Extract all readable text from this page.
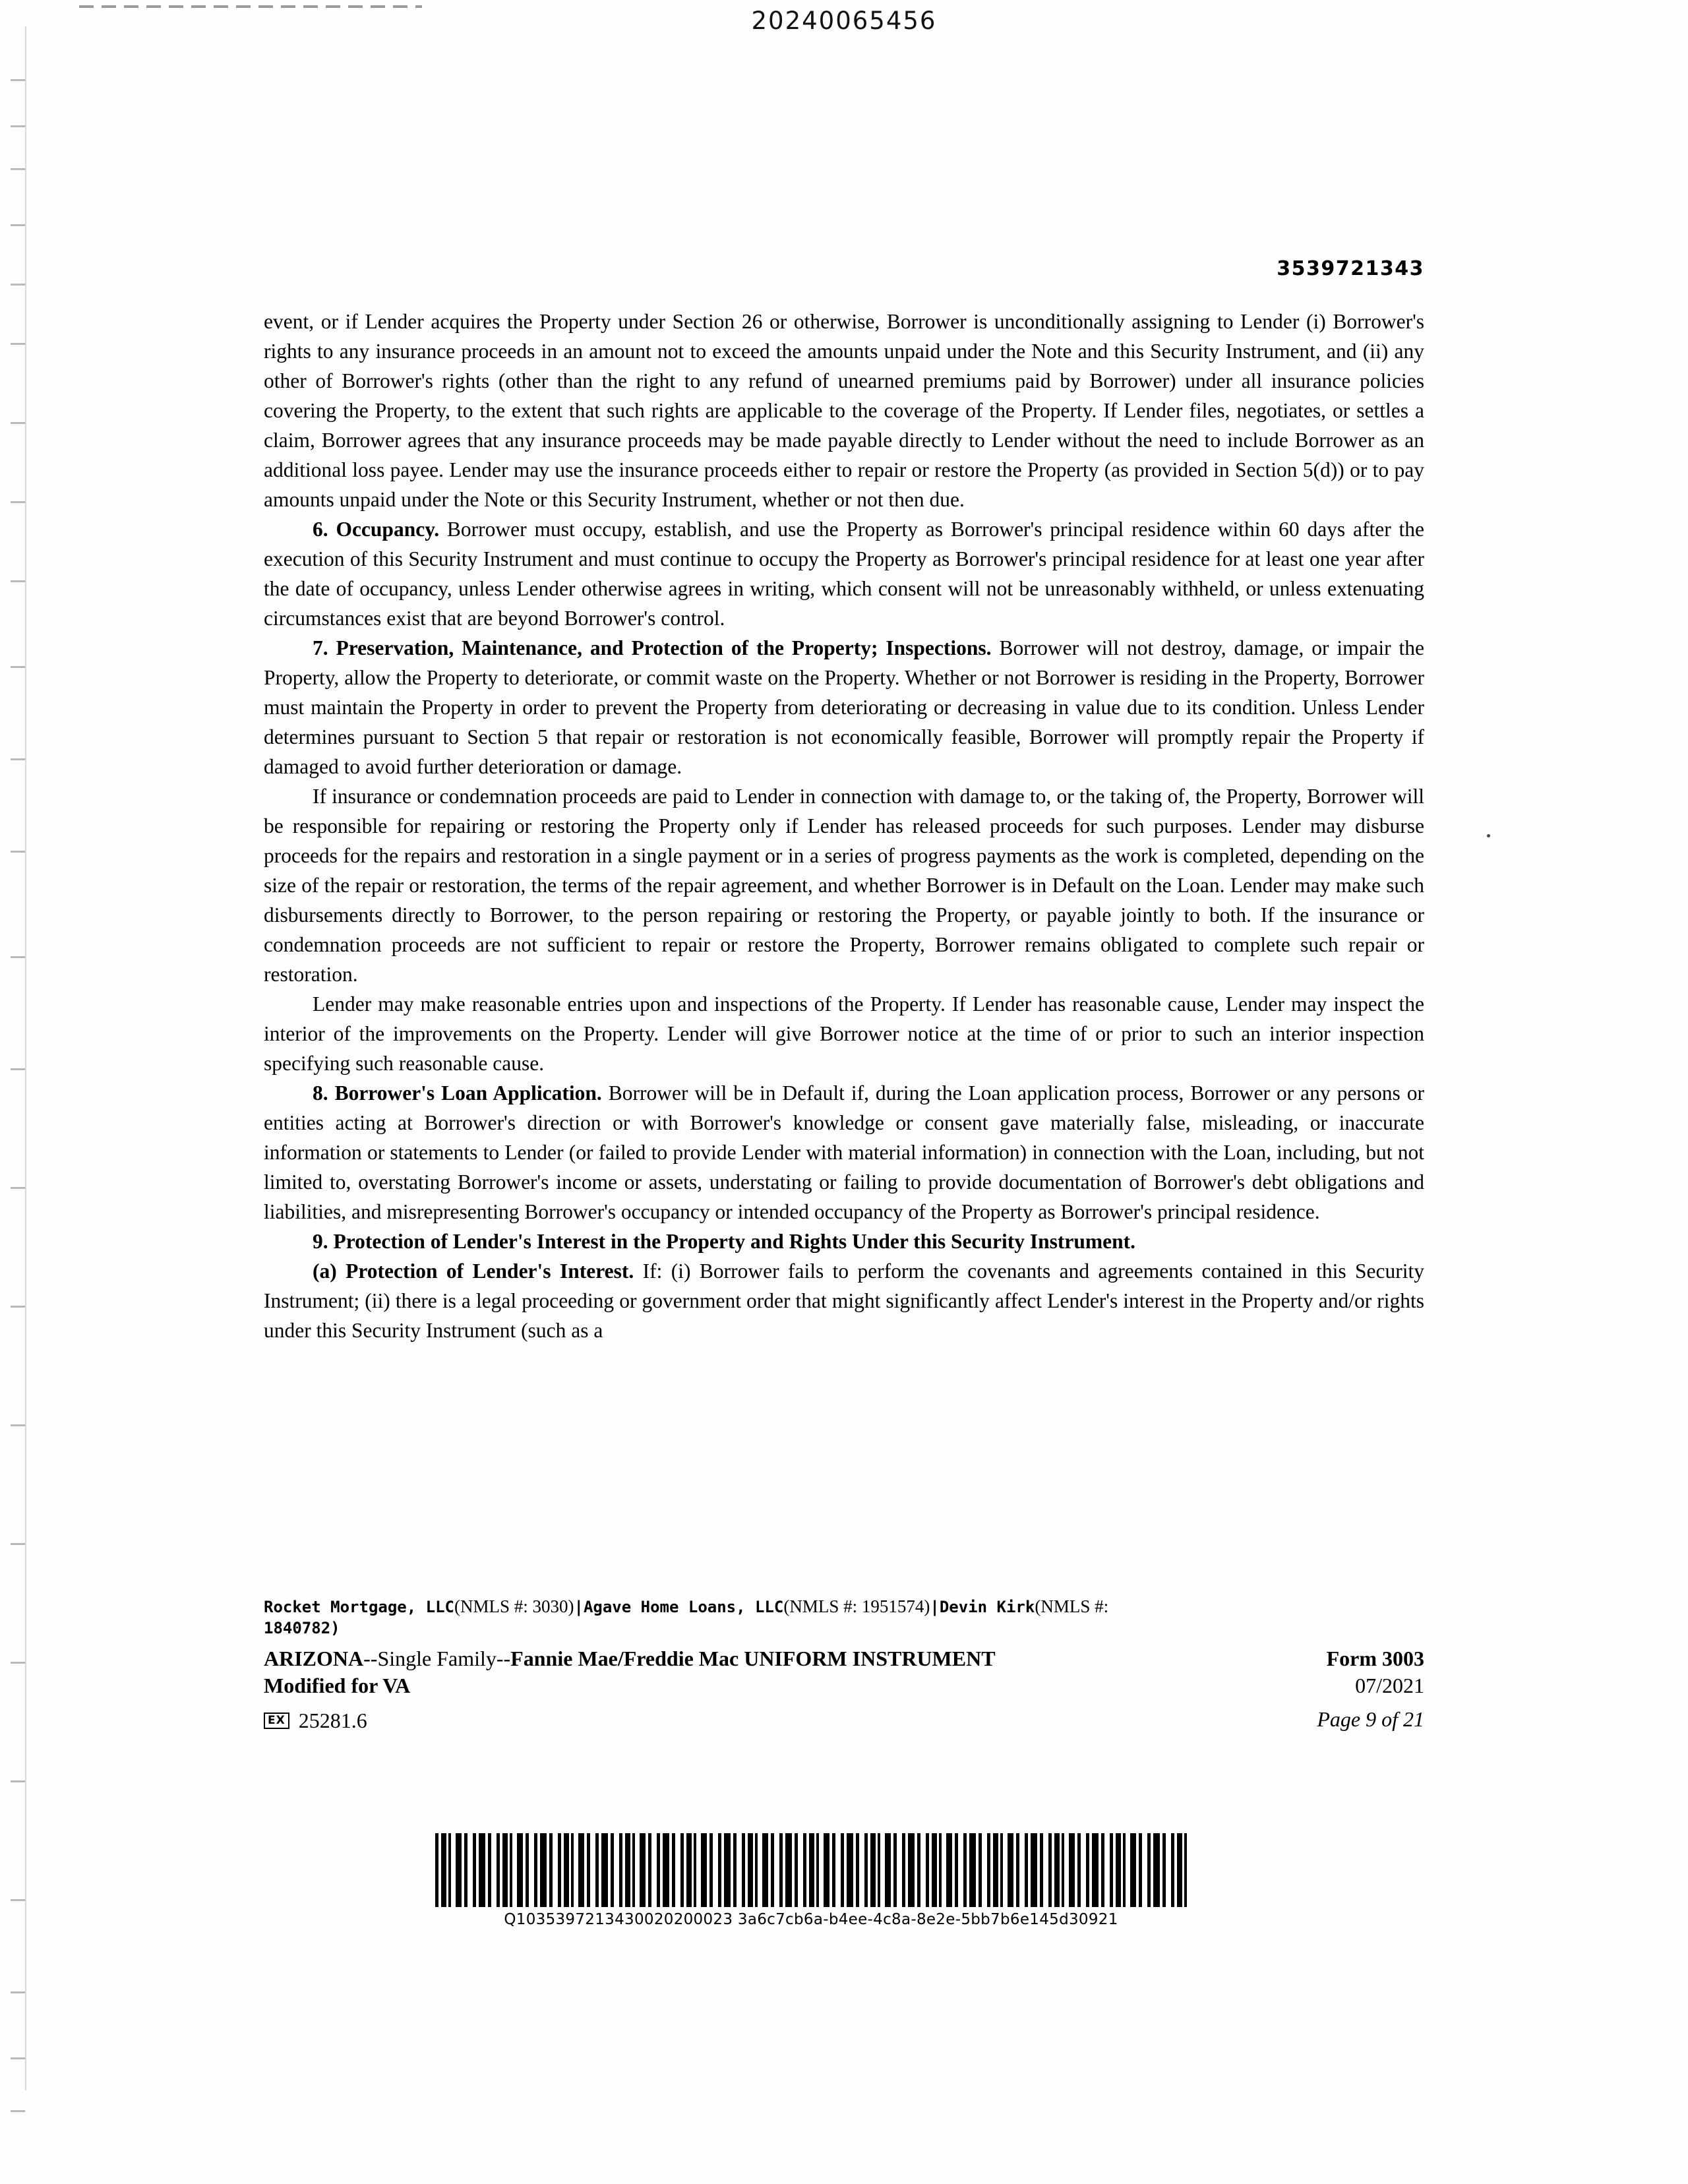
20240065456
3539721343

event, or if Lender acquires the Property under Section 26 or otherwise, Borrower is unconditionally assigning to Lender (i) Borrower's rights to any insurance proceeds in an amount not to exceed the amounts unpaid under the Note and this Security Instrument, and (ii) any other of Borrower's rights (other than the right to any refund of unearned premiums paid by Borrower) under all insurance policies covering the Property, to the extent that such rights are applicable to the coverage of the Property. If Lender files, negotiates, or settles a claim, Borrower agrees that any insurance proceeds may be made payable directly to Lender without the need to include Borrower as an additional loss payee. Lender may use the insurance proceeds either to repair or restore the Property (as provided in Section 5(d)) or to pay amounts unpaid under the Note or this Security Instrument, whether or not then due.

6. Occupancy. Borrower must occupy, establish, and use the Property as Borrower's principal residence within 60 days after the execution of this Security Instrument and must continue to occupy the Property as Borrower's principal residence for at least one year after the date of occupancy, unless Lender otherwise agrees in writing, which consent will not be unreasonably withheld, or unless extenuating circumstances exist that are beyond Borrower's control.

7. Preservation, Maintenance, and Protection of the Property; Inspections. Borrower will not destroy, damage, or impair the Property, allow the Property to deteriorate, or commit waste on the Property. Whether or not Borrower is residing in the Property, Borrower must maintain the Property in order to prevent the Property from deteriorating or decreasing in value due to its condition. Unless Lender determines pursuant to Section 5 that repair or restoration is not economically feasible, Borrower will promptly repair the Property if damaged to avoid further deterioration or damage.

If insurance or condemnation proceeds are paid to Lender in connection with damage to, or the taking of, the Property, Borrower will be responsible for repairing or restoring the Property only if Lender has released proceeds for such purposes. Lender may disburse proceeds for the repairs and restoration in a single payment or in a series of progress payments as the work is completed, depending on the size of the repair or restoration, the terms of the repair agreement, and whether Borrower is in Default on the Loan. Lender may make such disbursements directly to Borrower, to the person repairing or restoring the Property, or payable jointly to both. If the insurance or condemnation proceeds are not sufficient to repair or restore the Property, Borrower remains obligated to complete such repair or restoration.

Lender may make reasonable entries upon and inspections of the Property. If Lender has reasonable cause, Lender may inspect the interior of the improvements on the Property. Lender will give Borrower notice at the time of or prior to such an interior inspection specifying such reasonable cause.

8. Borrower's Loan Application. Borrower will be in Default if, during the Loan application process, Borrower or any persons or entities acting at Borrower's direction or with Borrower's knowledge or consent gave materially false, misleading, or inaccurate information or statements to Lender (or failed to provide Lender with material information) in connection with the Loan, including, but not limited to, overstating Borrower's income or assets, understating or failing to provide documentation of Borrower's debt obligations and liabilities, and misrepresenting Borrower's occupancy or intended occupancy of the Property as Borrower's principal residence.

9. Protection of Lender's Interest in the Property and Rights Under this Security Instrument.

(a) Protection of Lender's Interest. If: (i) Borrower fails to perform the covenants and agreements contained in this Security Instrument; (ii) there is a legal proceeding or government order that might significantly affect Lender's interest in the Property and/or rights under this Security Instrument (such as a

Rocket Mortgage, LLC(NMLS #: 3030)|Agave Home Loans, LLC(NMLS #: 1951574)|Devin Kirk(NMLS #:
1840782)
ARIZONA--Single Family--Fannie Mae/Freddie Mac UNIFORM INSTRUMENT
Modified for VA
Form 3003
07/2021
EX 25281.6	Page 9 of 21
Q1035397213430020200023 3a6c7cb6a-b4ee-4c8a-8e2e-5bb7b6e145d30921
